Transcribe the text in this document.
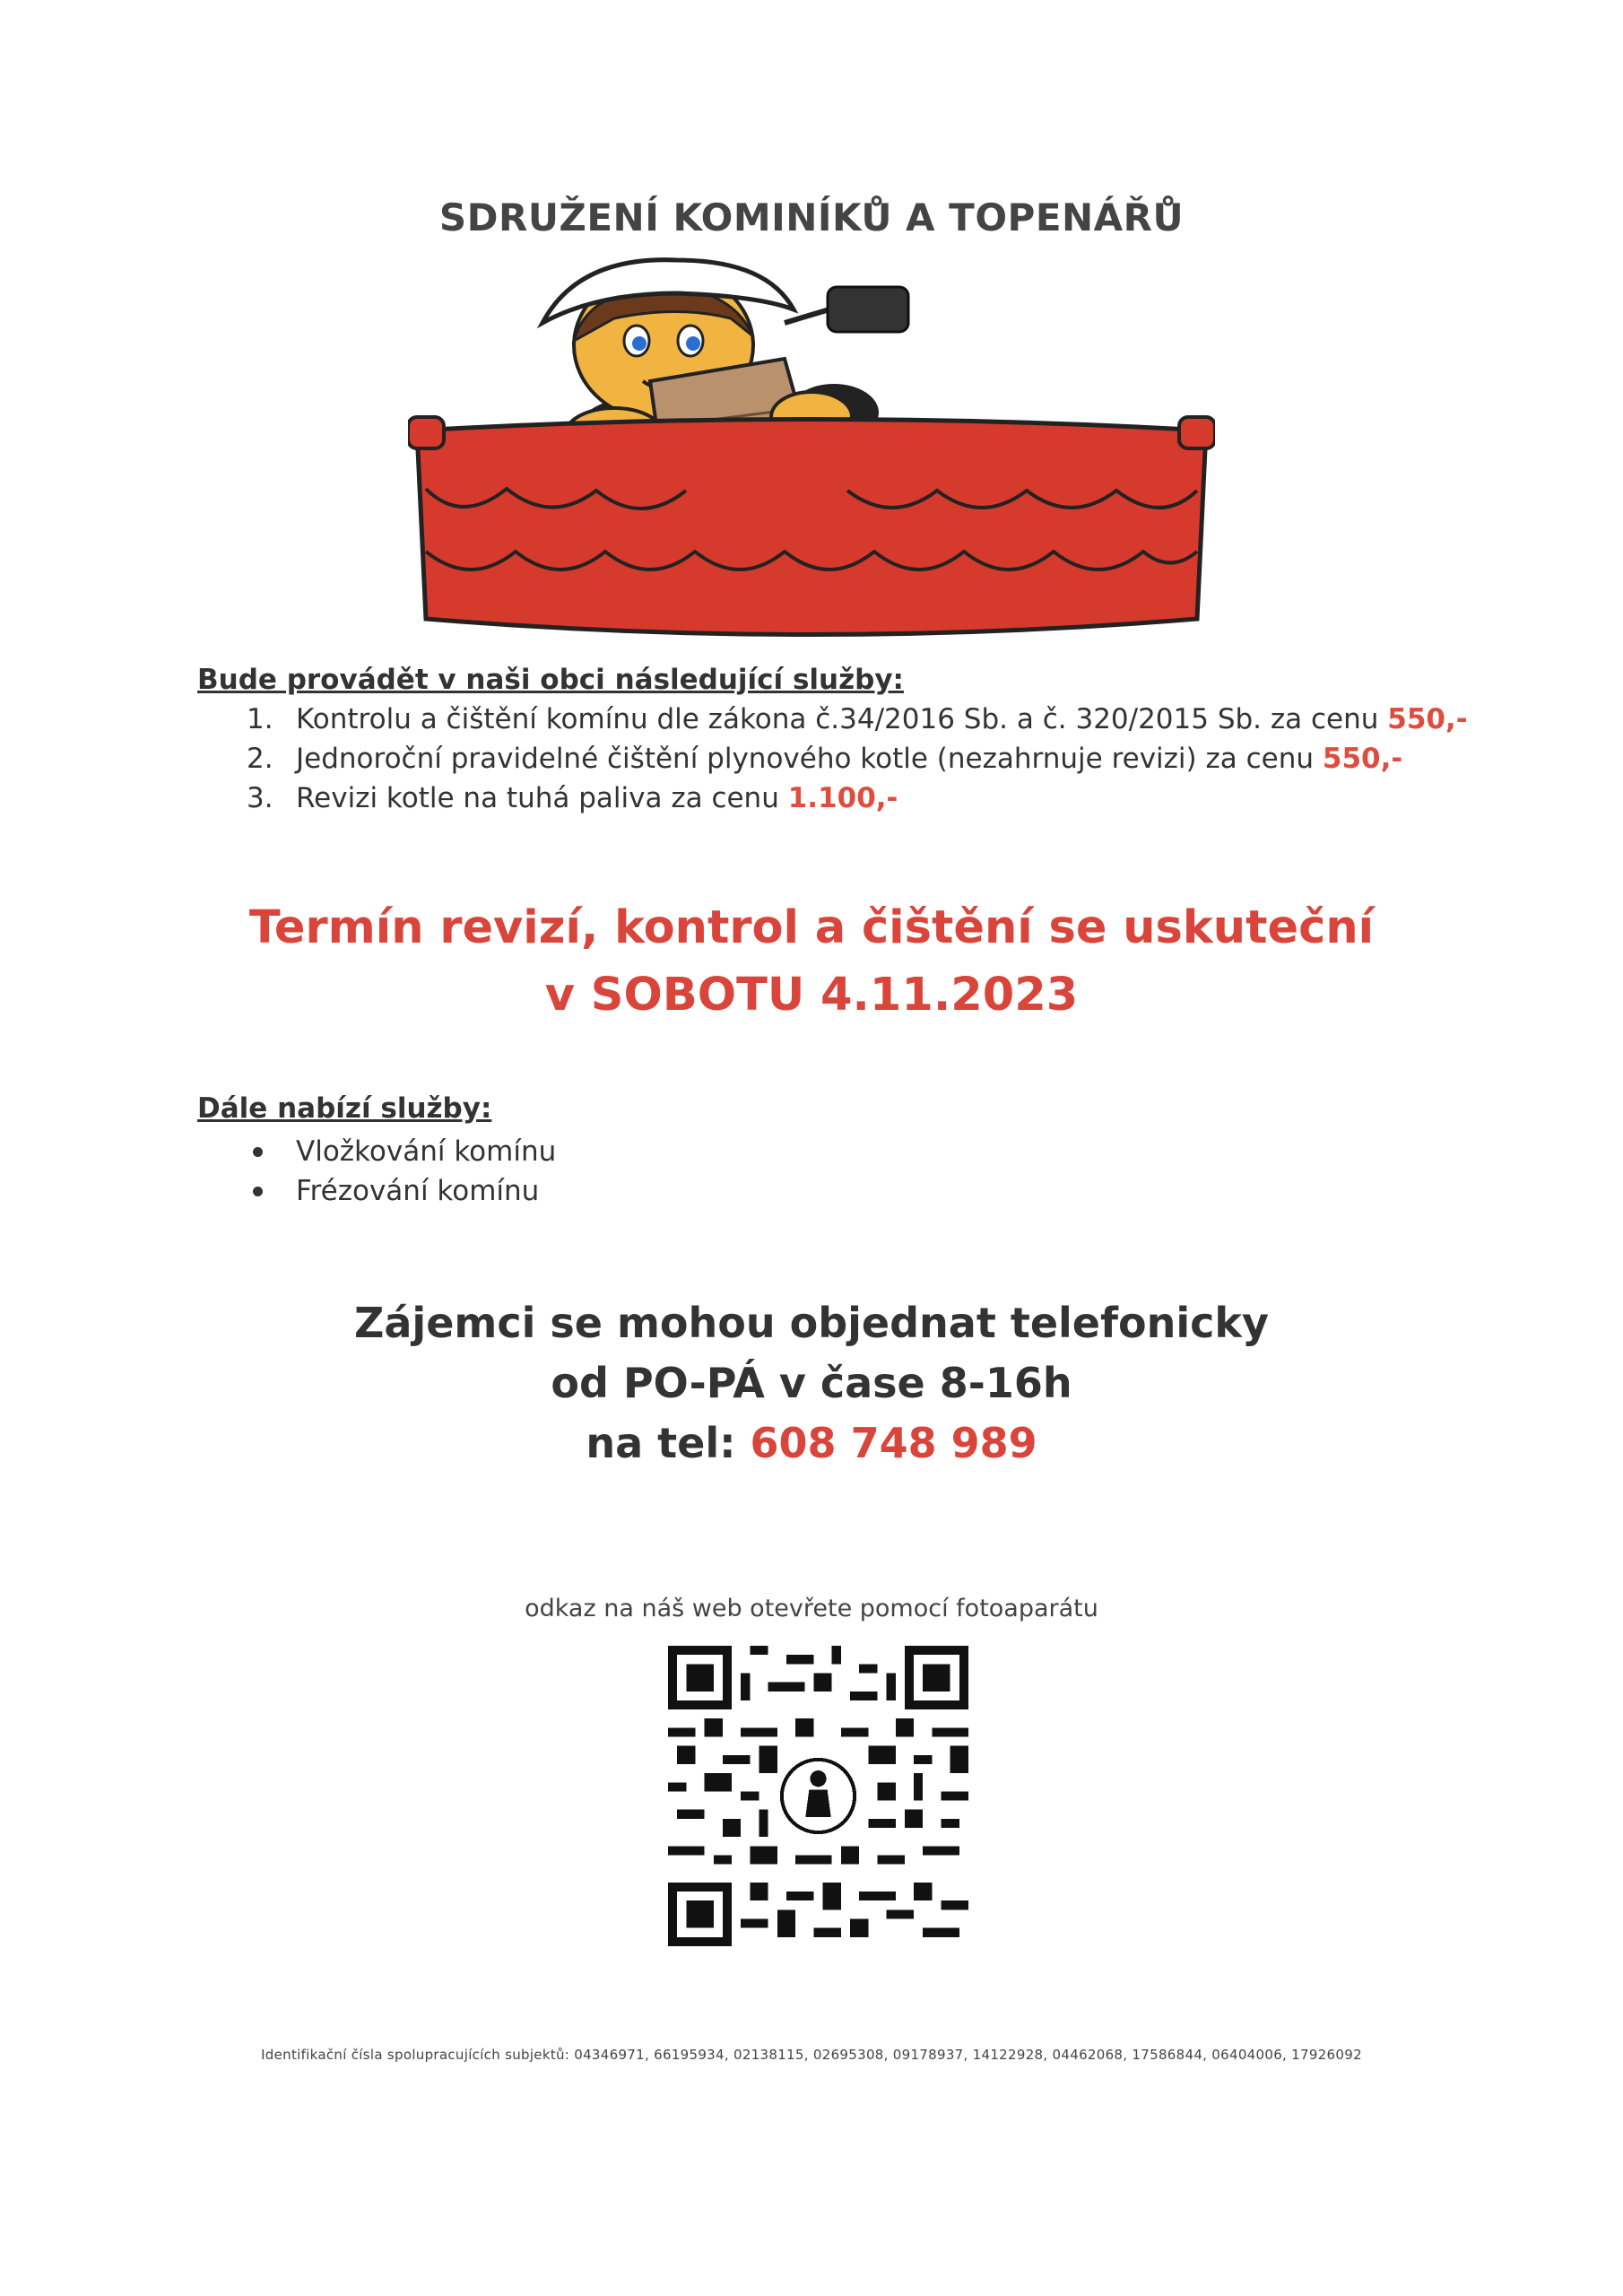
SDRUŽENÍ KOMINÍKŮ A TOPENÁŘŮ
Bude provádět v naši obci následující služby:
1. Kontrolu a čištění komínu dle zákona č.34/2016 Sb. a č. 320/2015 Sb. za cenu 550,-
2. Jednoroční pravidelné čištění plynového kotle (nezahrnuje revizi) za cenu 550,-
3. Revizi kotle na tuhá paliva za cenu 1.100,-
Termín revizí, kontrol a čištění se uskuteční
v SOBOTU 4.11.2023
Dále nabízí služby:
Vložkování komínu
Frézování komínu
Zájemci se mohou objednat telefonicky
od PO-PÁ v čase 8-16h
na tel: 608 748 989
odkaz na náš web otevřete pomocí fotoaparátu
Identifikační čísla spolupracujících subjektů: 04346971, 66195934, 02138115, 02695308, 09178937, 14122928, 04462068, 17586844, 06404006, 17926092
